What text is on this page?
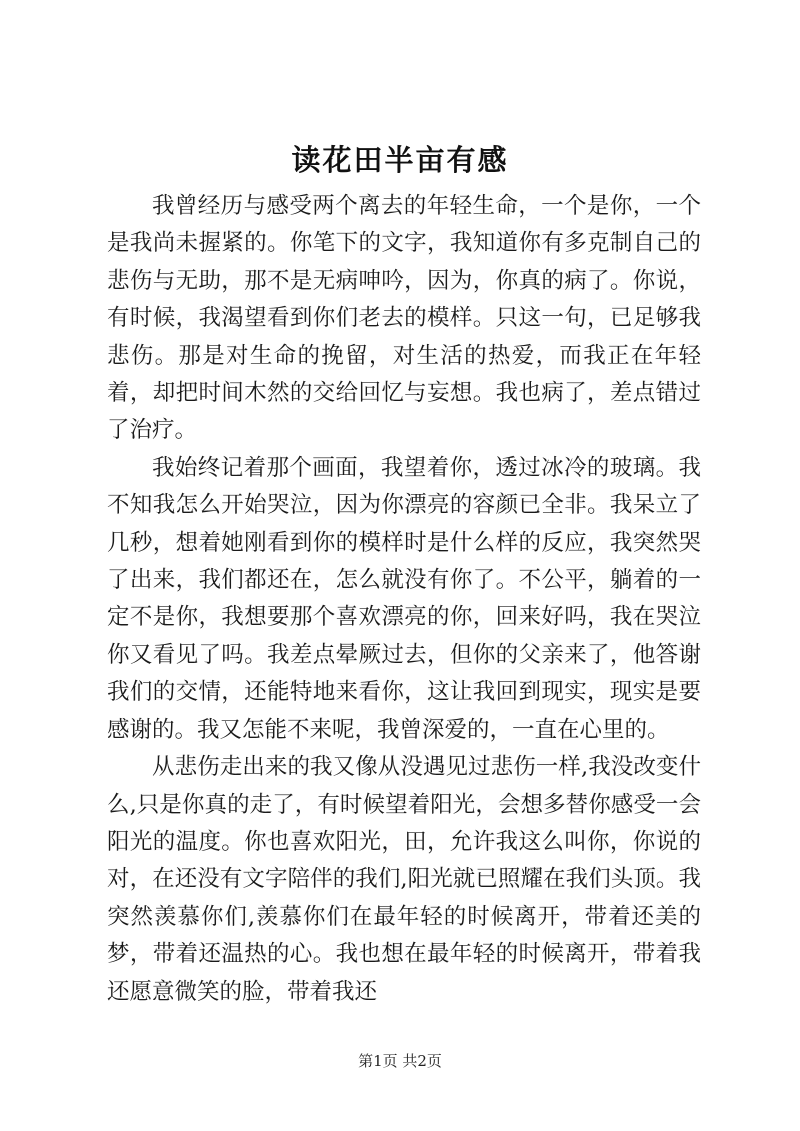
读花田半亩有感

我曾经历与感受两个离去的年轻生命，一个是你，一个是我尚未握紧的。你笔下的文字，我知道你有多克制自己的悲伤与无助，那不是无病呻吟，因为，你真的病了。你说，有时候，我渴望看到你们老去的模样。只这一句，已足够我悲伤。那是对生命的挽留，对生活的热爱，而我正在年轻着，却把时间木然的交给回忆与妄想。我也病了，差点错过了治疗。

我始终记着那个画面，我望着你，透过冰冷的玻璃。我不知我怎么开始哭泣，因为你漂亮的容颜已全非。我呆立了几秒，想着她刚看到你的模样时是什么样的反应，我突然哭了出来，我们都还在，怎么就没有你了。不公平，躺着的一定不是你，我想要那个喜欢漂亮的你，回来好吗，我在哭泣你又看见了吗。我差点晕厥过去，但你的父亲来了，他答谢我们的交情，还能特地来看你，这让我回到现实，现实是要感谢的。我又怎能不来呢，我曾深爱的，一直在心里的。

从悲伤走出来的我又像从没遇见过悲伤一样,我没改变什么,只是你真的走了，有时候望着阳光，会想多替你感受一会阳光的温度。你也喜欢阳光，田，允许我这么叫你，你说的对，在还没有文字陪伴的我们,阳光就已照耀在我们头顶。我突然羡慕你们,羡慕你们在最年轻的时候离开，带着还美的梦，带着还温热的心。我也想在最年轻的时候离开，带着我还愿意微笑的脸，带着我还

第1页 共2页
